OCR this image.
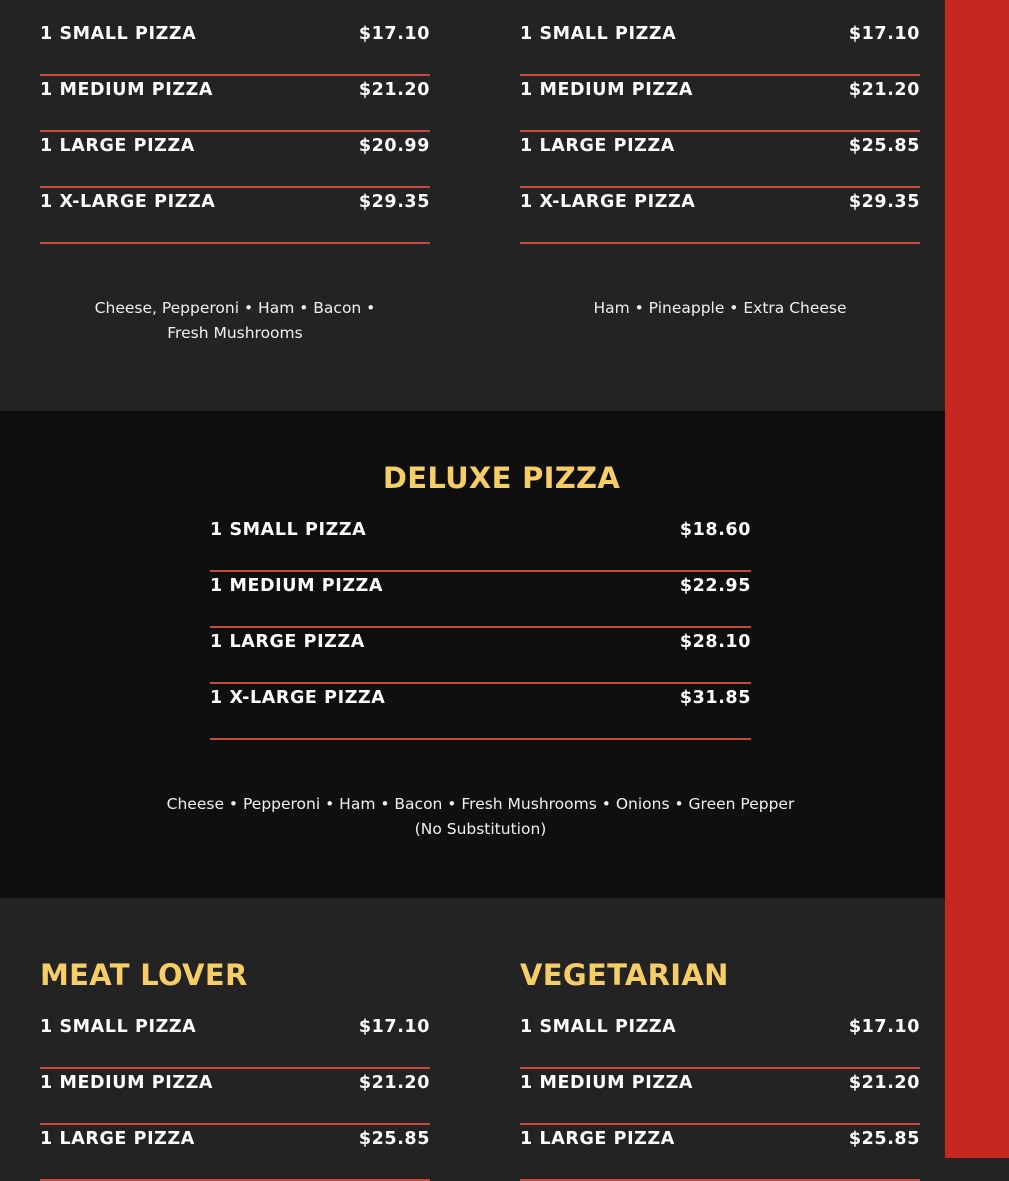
1 SMALL PIZZA	$17.10
1 MEDIUM PIZZA	$21.20
1 LARGE PIZZA	$20.99
1 X-LARGE PIZZA	$29.35
Cheese, Pepperoni • Ham • Bacon •
Fresh Mushrooms
1 SMALL PIZZA	$17.10
1 MEDIUM PIZZA	$21.20
1 LARGE PIZZA	$25.85
1 X-LARGE PIZZA	$29.35
Ham • Pineapple • Extra Cheese
DELUXE PIZZA
1 SMALL PIZZA	$18.60
1 MEDIUM PIZZA	$22.95
1 LARGE PIZZA	$28.10
1 X-LARGE PIZZA	$31.85
Cheese • Pepperoni • Ham • Bacon • Fresh Mushrooms • Onions • Green Pepper
(No Substitution)
MEAT LOVER
1 SMALL PIZZA	$17.10
1 MEDIUM PIZZA	$21.20
1 LARGE PIZZA	$25.85
VEGETARIAN
1 SMALL PIZZA	$17.10
1 MEDIUM PIZZA	$21.20
1 LARGE PIZZA	$25.85
